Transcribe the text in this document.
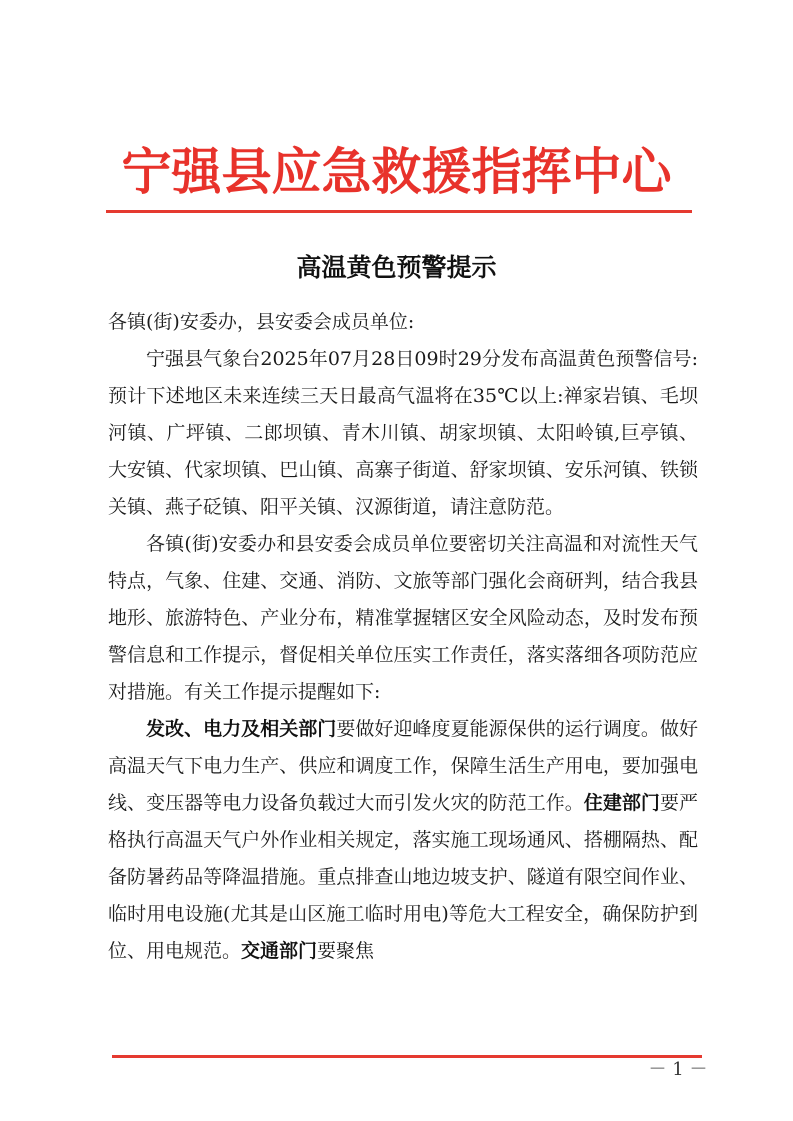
宁强县应急救援指挥中心
高温黄色预警提示

各镇(街)安委办，县安委会成员单位:

宁强县气象台2025年07月28日09时29分发布高温黄色预警信号:预计下述地区未来连续三天日最高气温将在35℃以上:禅家岩镇、毛坝河镇、广坪镇、二郎坝镇、青木川镇、胡家坝镇、太阳岭镇,巨亭镇、大安镇、代家坝镇、巴山镇、高寨子街道、舒家坝镇、安乐河镇、铁锁关镇、燕子砭镇、阳平关镇、汉源街道，请注意防范。

各镇(街)安委办和县安委会成员单位要密切关注高温和对流性天气特点，气象、住建、交通、消防、文旅等部门强化会商研判，结合我县地形、旅游特色、产业分布，精准掌握辖区安全风险动态，及时发布预警信息和工作提示，督促相关单位压实工作责任，落实落细各项防范应对措施。有关工作提示提醒如下:

发改、电力及相关部门要做好迎峰度夏能源保供的运行调度。做好高温天气下电力生产、供应和调度工作，保障生活生产用电，要加强电线、变压器等电力设备负载过大而引发火灾的防范工作。住建部门要严格执行高温天气户外作业相关规定，落实施工现场通风、搭棚隔热、配备防暑药品等降温措施。重点排查山地边坡支护、隧道有限空间作业、临时用电设施(尤其是山区施工临时用电)等危大工程安全，确保防护到位、用电规范。交通部门要聚焦

－ 1 －
